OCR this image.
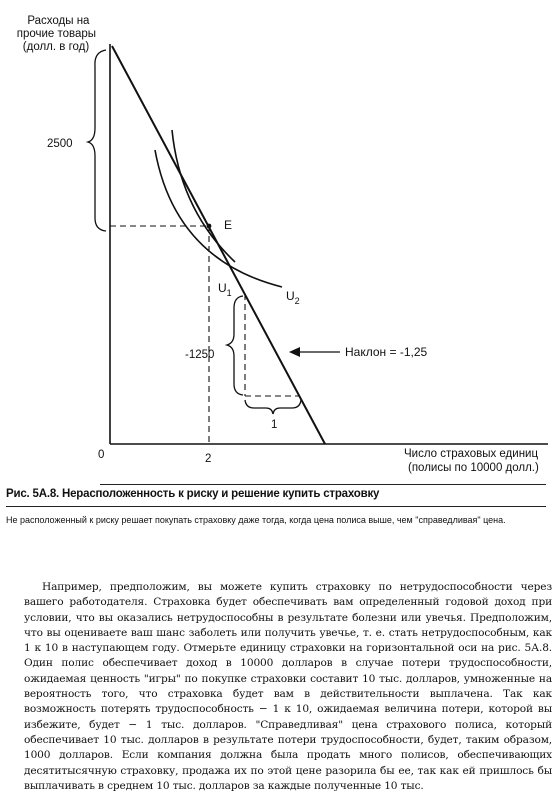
Расходы на прочие товары (долл. в год)
2500
E
$U_1$	$U_2$
-1250
1
Наклон = -1,25
0	2	Число страховых единиц (полисы по 10000 долл.)
Рис. 5А.8. Нерасположенность к риску и решение купить страховку
Не расположенный к риску решает покупать страховку даже тогда, когда цена полиса выше, чем "справедливая" цена.
Например, предположим, вы можете купить страховку по нетрудоспособности через вашего работодателя. Страховка будет обеспечивать вам определенный годовой доход при условии, что вы оказались нетрудоспособны в результате болезни или увечья. Предположим, что вы оцениваете ваш шанс заболеть или получить увечье, т. е. стать нетрудоспособным, как 1 к 10 в наступающем году. Отмерьте единицу страховки на горизонтальной оси на рис. 5А.8. Один полис обеспечивает доход в 10000 долларов в случае потери трудоспособности, ожидаемая ценность "игры" по покупке страховки составит 10 тыс. долларов, умноженные на вероятность того, что страховка будет вам в действительности выплачена. Так как возможность потерять трудоспособность − 1 к 10, ожидаемая величина потери, которой вы избежите, будет − 1 тыс. долларов. "Справедливая" цена страхового полиса, который обеспечивает 10 тыс. долларов в результате потери трудоспособности, будет, таким образом, 1000 долларов. Если компания должна была продать много полисов, обеспечивающих десятитысячную страховку, продажа их по этой цене разорила бы ее, так как ей пришлось бы выплачивать в среднем 10 тыс. долларов за каждые полученные 10 тыс.
